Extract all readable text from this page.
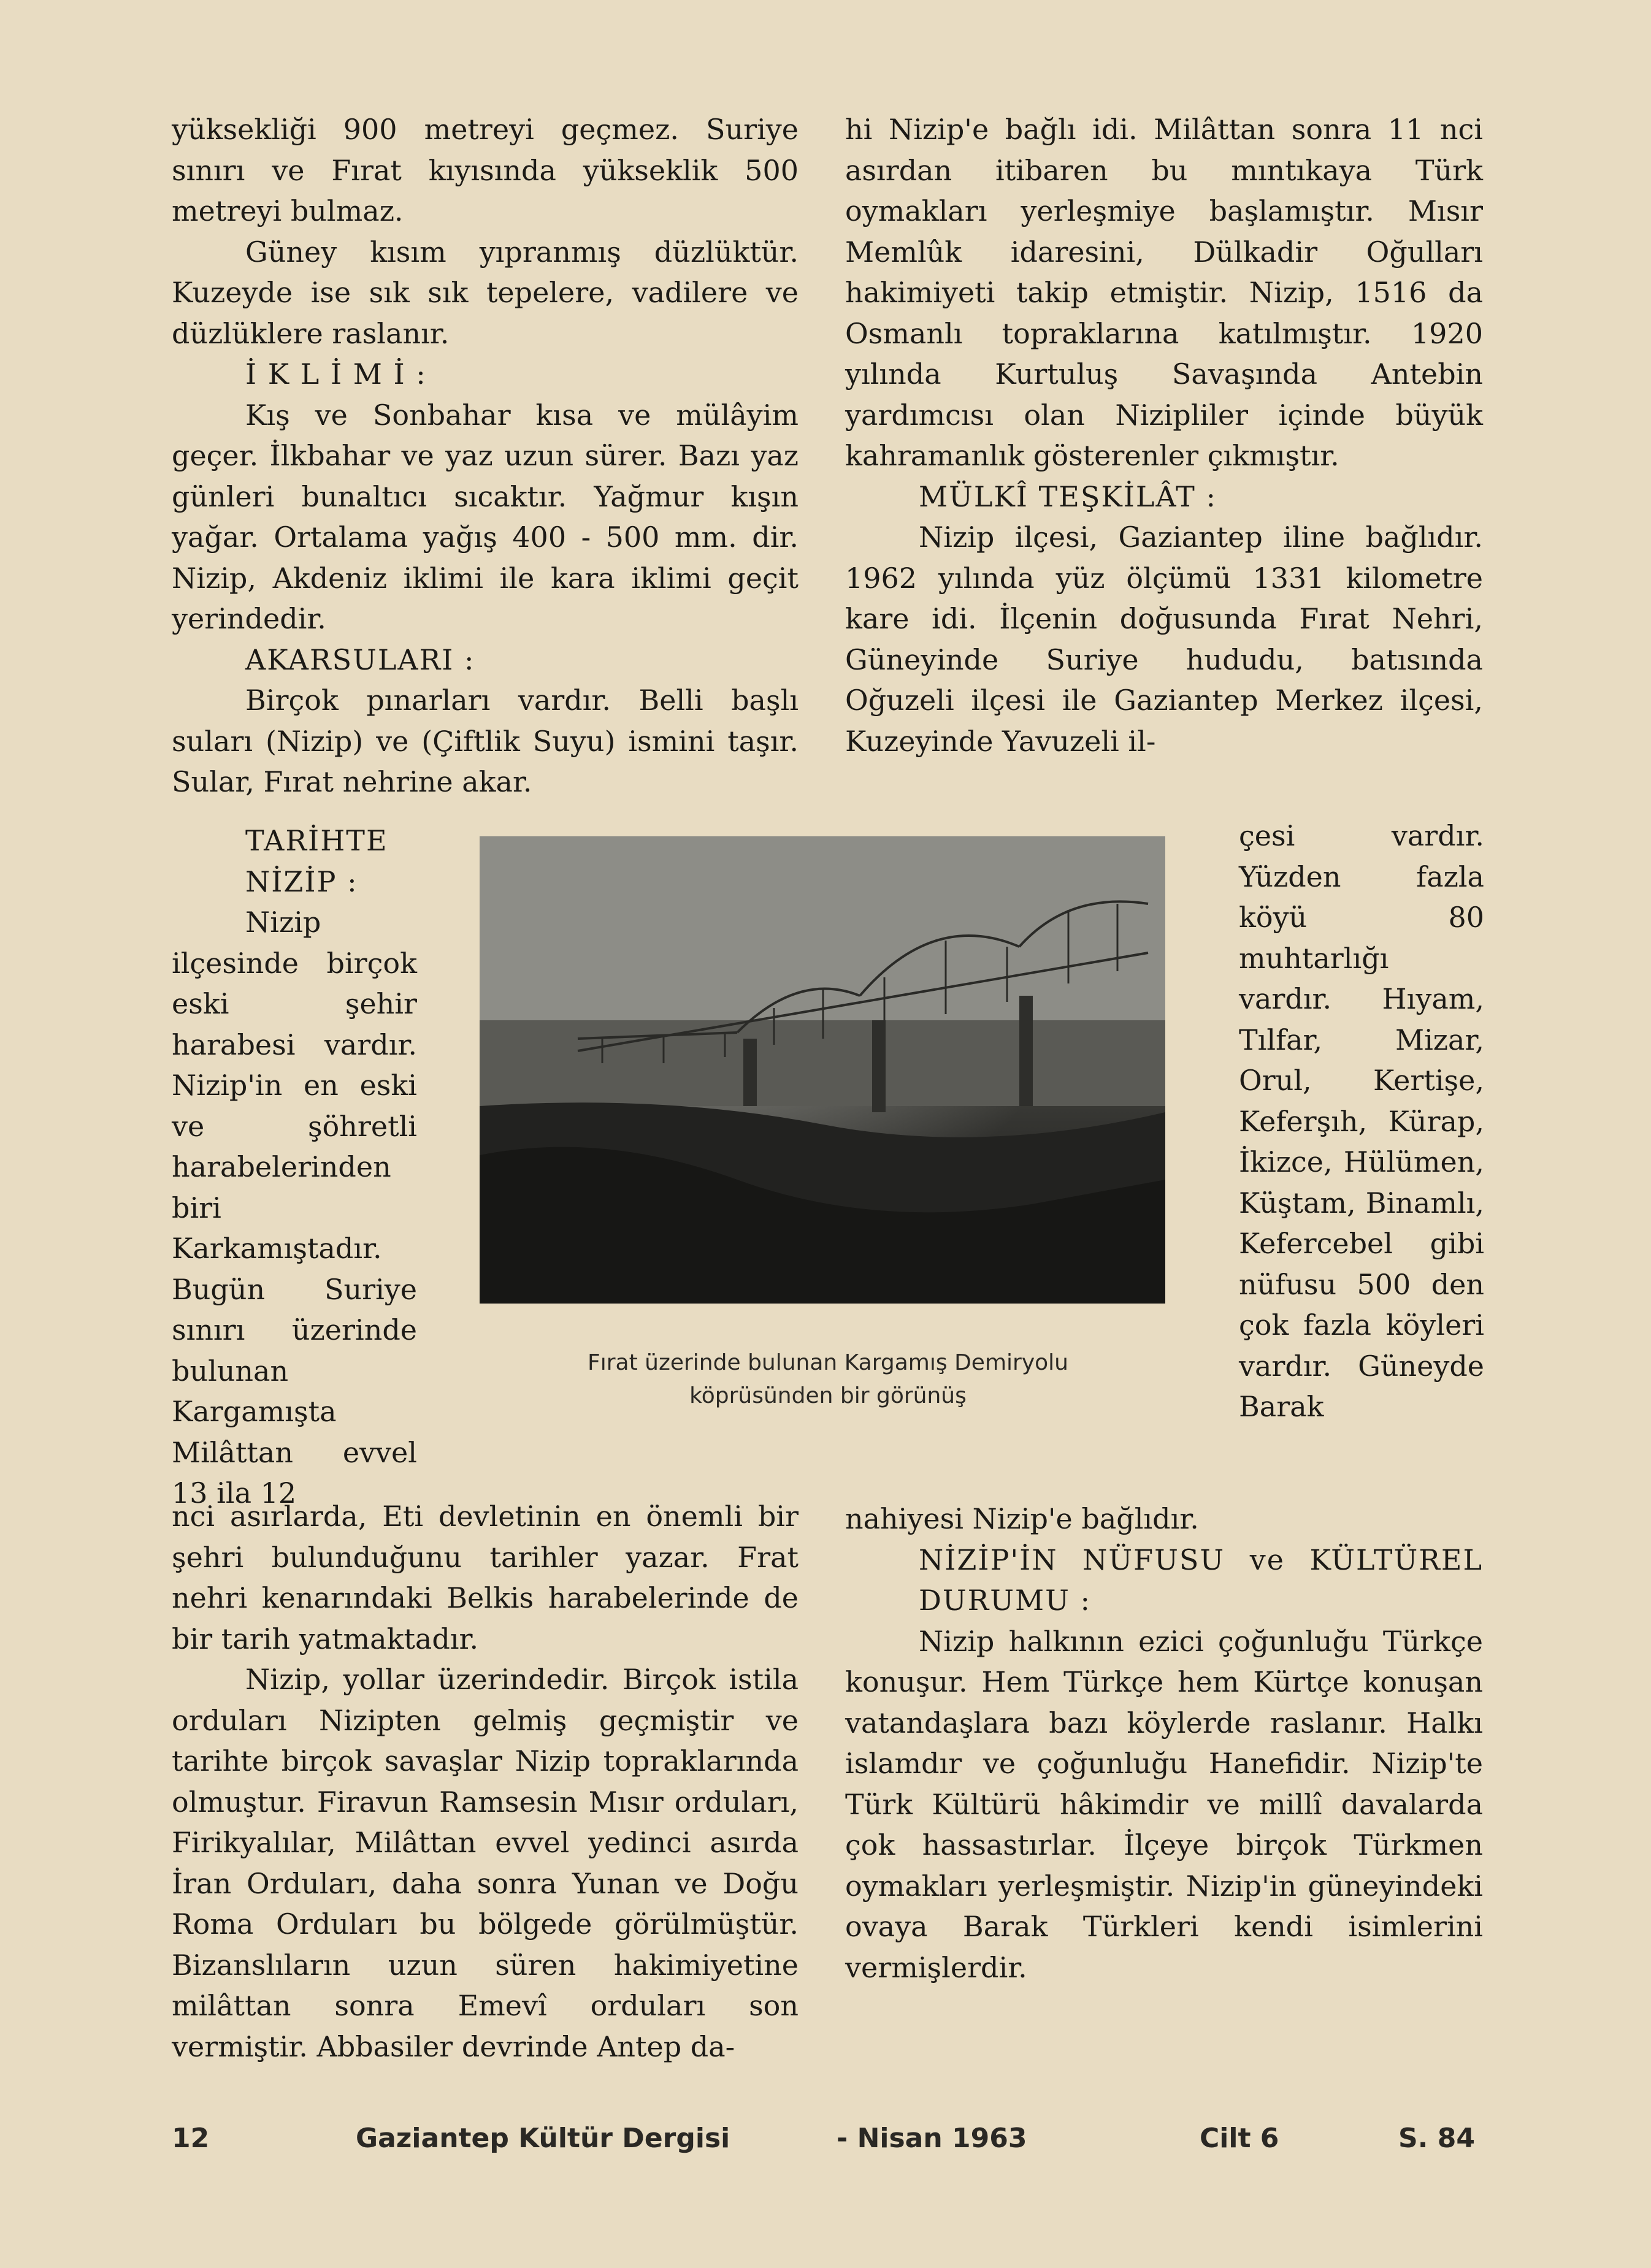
yüksekliği 900 metreyi geçmez. Suriye sınırı ve Fırat kıyısında yükseklik 500 metreyi bulmaz.

Güney kısım yıpranmış düzlüktür. Kuzeyde ise sık sık tepelere, vadilere ve düzlüklere raslanır.

İ K L İ M İ :

Kış ve Sonbahar kısa ve mülâyim geçer. İlkbahar ve yaz uzun sürer. Bazı yaz günleri bunaltıcı sıcaktır. Yağmur kışın yağar. Ortalama yağış 400 - 500 mm. dir. Nizip, Akdeniz iklimi ile kara iklimi geçit yerindedir.

AKARSULARI :

Birçok pınarları vardır. Belli başlı suları (Nizip) ve (Çiftlik Suyu) ismini taşır. Sular, Fırat nehrine akar.

hi Nizip'e bağlı idi. Milâttan sonra 11 nci asırdan itibaren bu mıntıkaya Türk oymakları yerleşmiye başlamıştır. Mısır Memlûk idaresini, Dülkadir Oğulları hakimiyeti takip etmiştir. Nizip, 1516 da Osmanlı topraklarına katılmıştır. 1920 yılında Kurtuluş Savaşında Antebin yardımcısı olan Nizipliler içinde büyük kahramanlık gösterenler çıkmıştır.

MÜLKÎ TEŞKİLÂT :

Nizip ilçesi, Gaziantep iline bağlıdır. 1962 yılında yüz ölçümü 1331 kilometre kare idi. İlçenin doğusunda Fırat Nehri, Güneyinde Suriye hududu, batısında Oğuzeli ilçesi ile Gaziantep Merkez ilçesi, Kuzeyinde Yavuzeli il-

TARİHTE NİZİP :

Nizip ilçesinde birçok eski şehir harabesi vardır. Nizip'in en eski ve şöhretli harabelerinden biri Karkamıştadır. Bugün Suriye sınırı üzerinde bulunan Kargamışta Milâttan evvel 13 ila 12

Fırat üzerinde bulunan Kargamış Demiryolu
köprüsünden bir görünüş

çesi vardır. Yüzden fazla köyü 80 muhtarlığı vardır. Hıyam, Tılfar, Mizar, Orul, Kertişe, Keferşıh, Kürap, İkizce, Hülümen, Küştam, Binamlı, Kefercebel gibi nüfusu 500 den çok fazla köyleri vardır. Güneyde Barak

nci asırlarda, Eti devletinin en önemli bir şehri bulunduğunu tarihler yazar. Frat nehri kenarındaki Belkis harabelerinde de bir tarih yatmaktadır.

Nizip, yollar üzerindedir. Birçok istila orduları Nizipten gelmiş geçmiştir ve tarihte birçok savaşlar Nizip topraklarında olmuştur. Firavun Ramsesin Mısır orduları, Firikyalılar, Milâttan evvel yedinci asırda İran Orduları, daha sonra Yunan ve Doğu Roma Orduları bu bölgede görülmüştür. Bizanslıların uzun süren hakimiyetine milâttan sonra Emevî orduları son vermiştir. Abbasiler devrinde Antep da-

nahiyesi Nizip'e bağlıdır.

NİZİP'İN NÜFUSU ve KÜLTÜREL DURUMU :

Nizip halkının ezici çoğunluğu Türkçe konuşur. Hem Türkçe hem Kürtçe konuşan vatandaşlara bazı köylerde raslanır. Halkı islamdır ve çoğunluğu Hanefidir. Nizip'te Türk Kültürü hâkimdir ve millî davalarda çok hassastırlar. İlçeye birçok Türkmen oymakları yerleşmiştir. Nizip'in güneyindeki ovaya Barak Türkleri kendi isimlerini vermişlerdir.

12	Gaziantep Kültür Dergisi	- Nisan 1963	Cilt 6	S. 84
